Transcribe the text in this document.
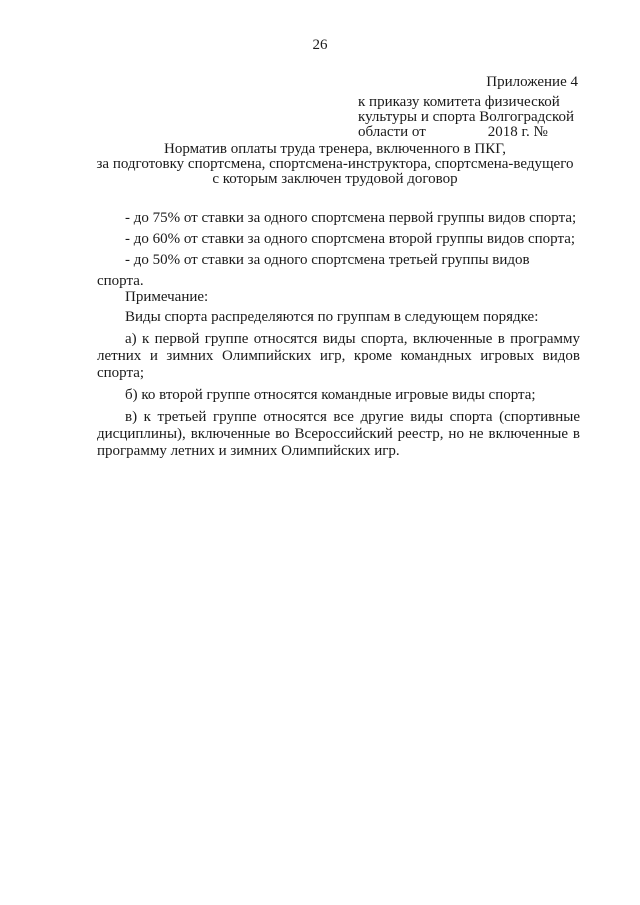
26
Приложение 4
к приказу комитета физической
культуры и спорта Волгоградской
области от	2018 г. №
Норматив оплаты труда тренера, включенного в ПКГ,
за подготовку спортсмена, спортсмена-инструктора, спортсмена-ведущего
с которым заключен трудовой договор
- до 75% от ставки за одного спортсмена первой группы видов спорта;
- до 60% от ставки за одного спортсмена второй группы видов спорта;
- до 50% от ставки за одного спортсмена третьей группы видов
спорта.
Примечание:

Виды спорта распределяются по группам в следующем порядке:

а) к первой группе относятся виды спорта, включенные в программу летних и зимних Олимпийских игр, кроме командных игровых видов спорта;

б) ко второй группе относятся командные игровые виды спорта;

в) к третьей группе относятся все другие виды спорта (спортивные дисциплины), включенные во Всероссийский реестр, но не включенные в программу летних и зимних Олимпийских игр.
